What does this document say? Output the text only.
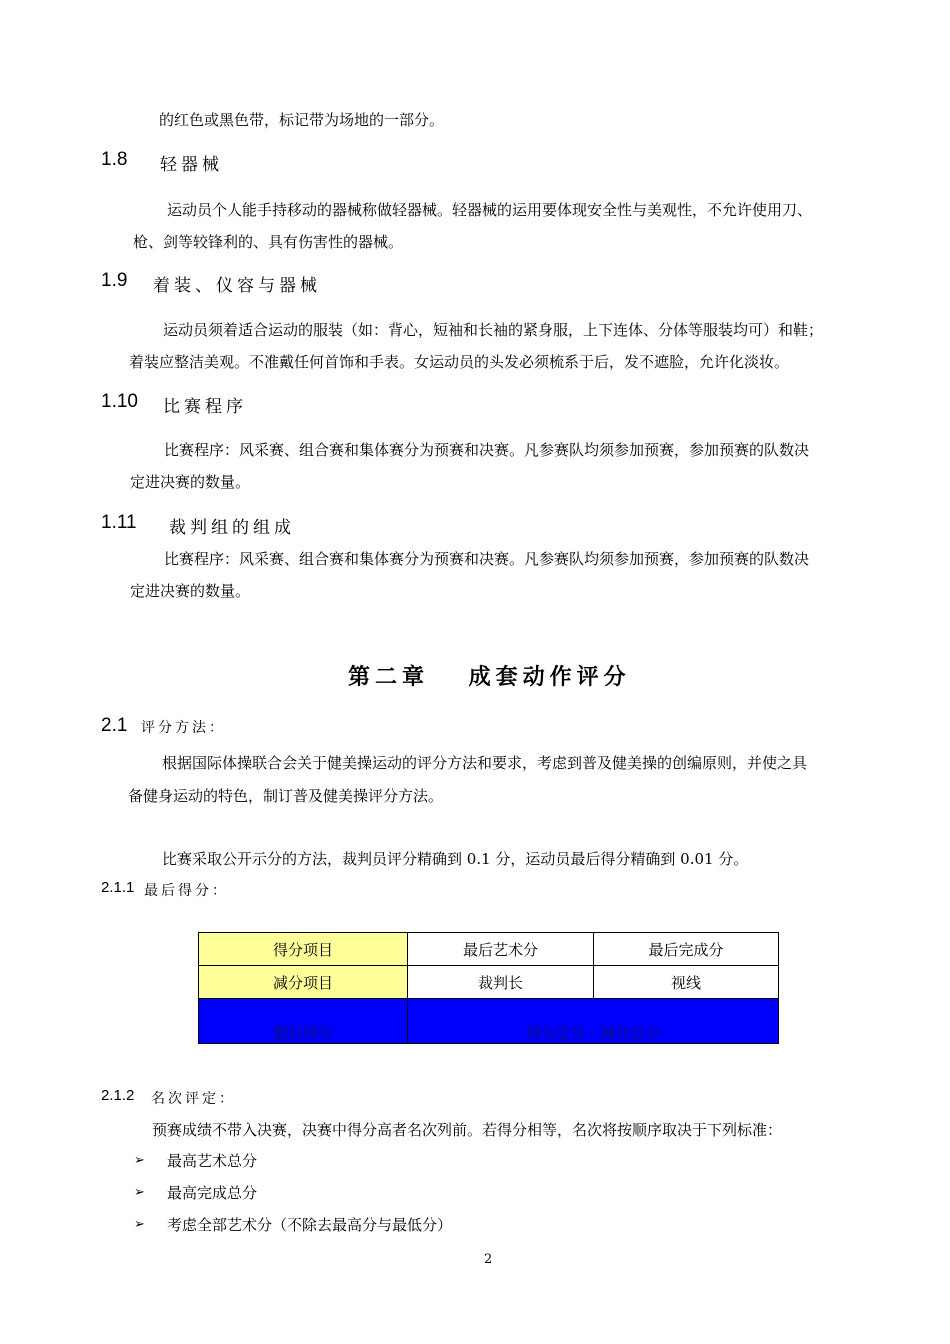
的红色或黑色带，标记带为场地的一部分。
1.8 轻器械
运动员个人能手持移动的器械称做轻器械。轻器械的运用要体现安全性与美观性，不允许使用刀、
枪、剑等较锋利的、具有伤害性的器械。
1.9 着装、仪容与器械
运动员须着适合运动的服装（如：背心，短袖和长袖的紧身服，上下连体、分体等服装均可）和鞋；
着装应整洁美观。不准戴任何首饰和手表。女运动员的头发必须梳系于后，发不遮脸，允许化淡妆。
1.10 比赛程序
比赛程序：风采赛、组合赛和集体赛分为预赛和决赛。凡参赛队均须参加预赛，参加预赛的队数决
定进决赛的数量。
1.11 裁判组的组成
比赛程序：风采赛、组合赛和集体赛分为预赛和决赛。凡参赛队均须参加预赛，参加预赛的队数决
定进决赛的数量。
第二章　 成套动作评分
2.1 评分方法：
根据国际体操联合会关于健美操运动的评分方法和要求，考虑到普及健美操的创编原则，并使之具
备健身运动的特色，制订普及健美操评分方法。
比赛采取公开示分的方法，裁判员评分精确到 0.1 分，运动员最后得分精确到 0.01 分。
2.1.1 最后得分：
得分项目	最后艺术分	最后完成分
减分项目	裁判长	视线
最后得分	得分总分 - 减分总分	
2.1.2 名次评定：
预赛成绩不带入决赛，决赛中得分高者名次列前。若得分相等，名次将按顺序取决于下列标准：
➢ 最高艺术总分
➢ 最高完成总分
➢ 考虑全部艺术分（不除去最高分与最低分）
2
